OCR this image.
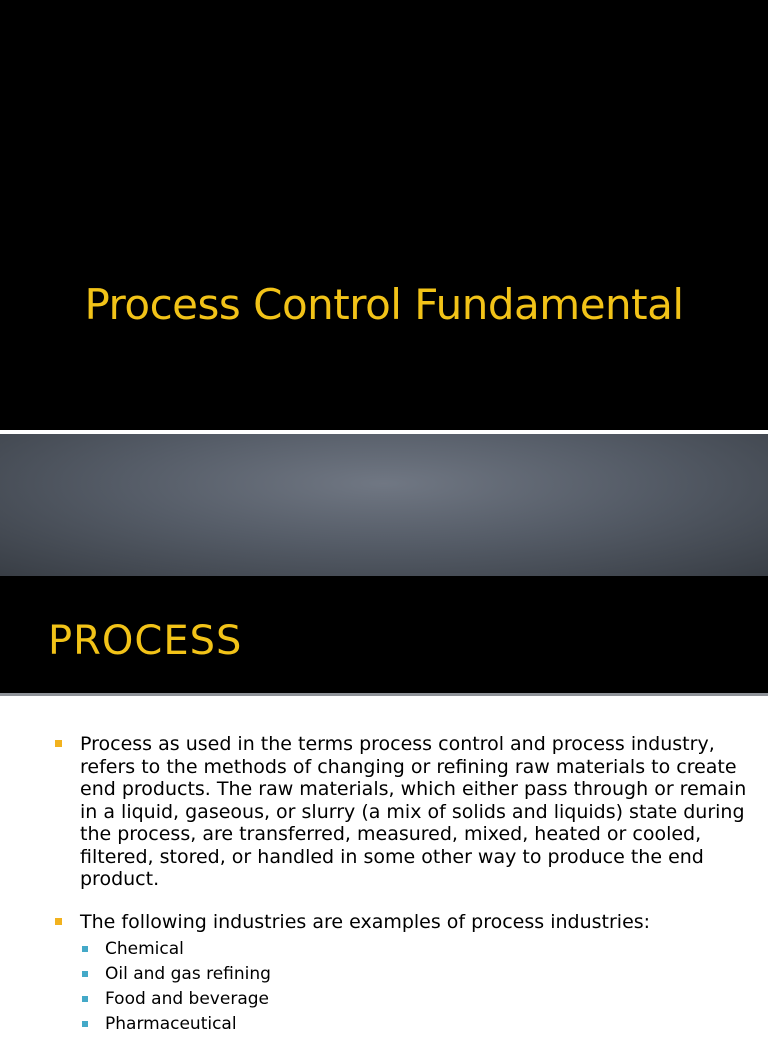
Process Control Fundamental
PROCESS
Process as used in the terms process control and process industry, refers to the methods of changing or refining raw materials to create end products. The raw materials, which either pass through or remain in a liquid, gaseous, or slurry (a mix of solids and liquids) state during the process, are transferred, measured, mixed, heated or cooled, filtered, stored, or handled in some other way to produce the end product.
The following industries are examples of process industries:
Chemical
Oil and gas refining
Food and beverage
Pharmaceutical
